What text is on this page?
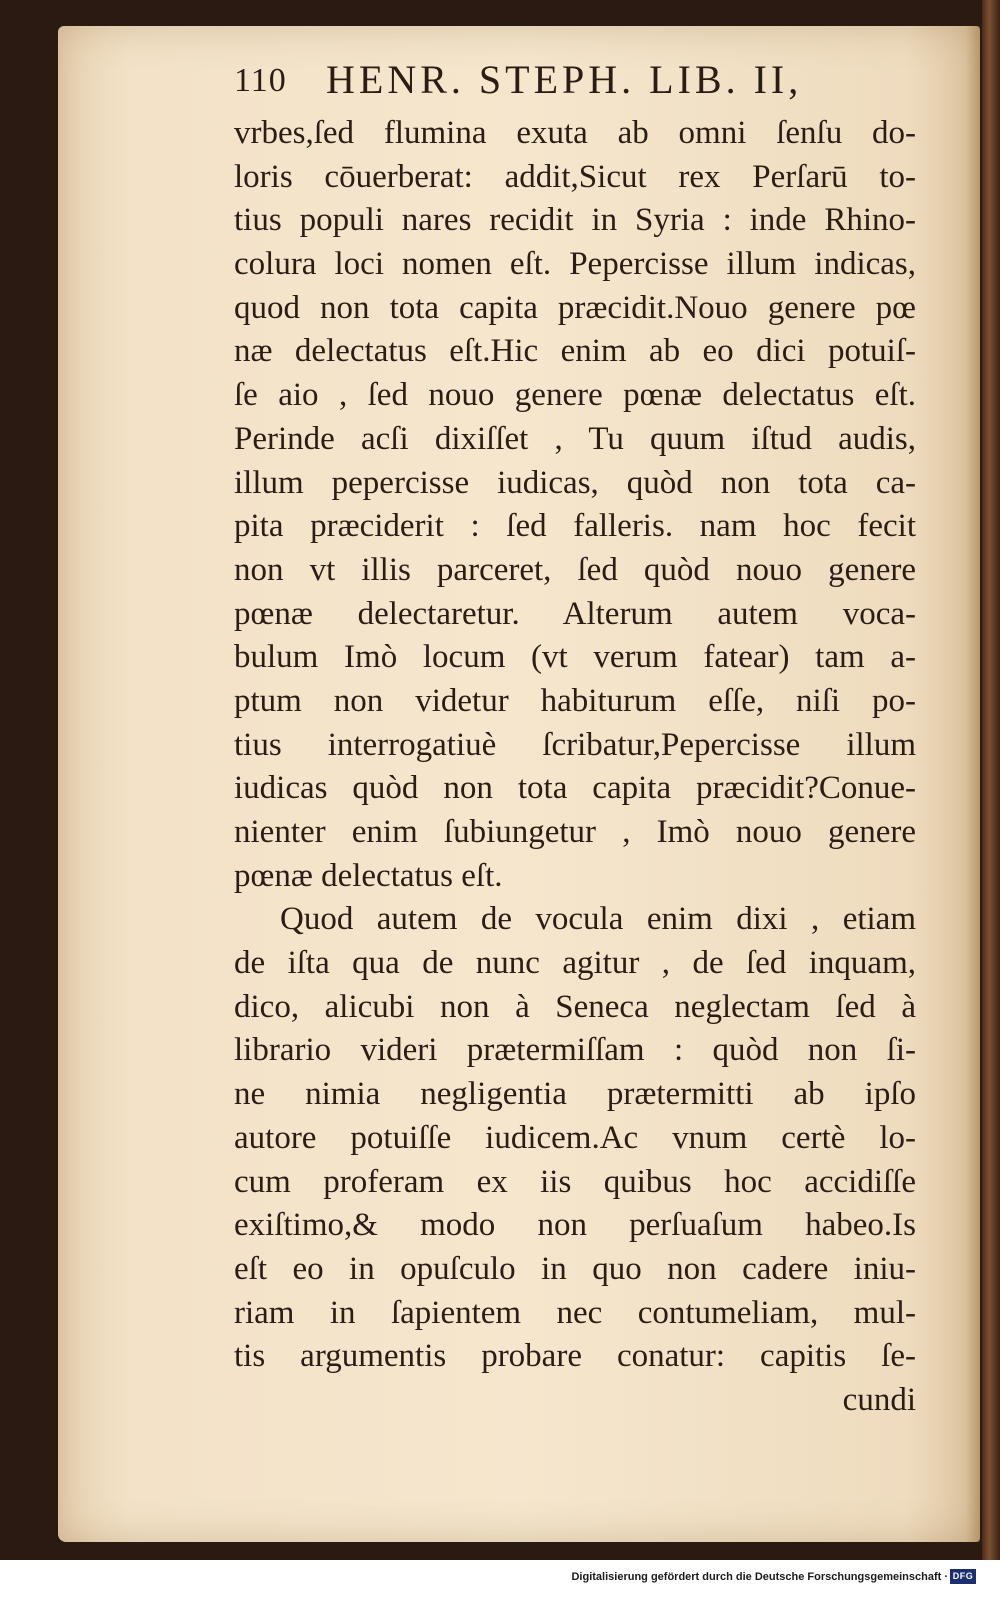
110 HENR. STEPH. LIB. II,
vrbes,ſed flumina exuta ab omni ſenſu do-
loris cōuerberat: addit,Sicut rex Perſarū to-
tius populi nares recidit in Syria : inde Rhino-
colura loci nomen eſt. Pepercisse illum indicas,
quod non tota capita præcidit.Nouo genere pœ
næ delectatus eſt.Hic enim ab eo dici potuiſ-
ſe aio , ſed nouo genere pœnæ delectatus eſt.
Perinde acſi dixiſſet , Tu quum iſtud audis,
illum pepercisse iudicas, quòd non tota ca-
pita præciderit : ſed falleris. nam hoc fecit
non vt illis parceret, ſed quòd nouo genere
pœnæ delectaretur. Alterum autem voca-
bulum Imò locum (vt verum fatear) tam a-
ptum non videtur habiturum eſſe, niſi po-
tius interrogatiuè ſcribatur,Pepercisse illum
iudicas quòd non tota capita præcidit?Conue-
nienter enim ſubiungetur , Imò nouo genere
pœnæ delectatus eſt.
Quod autem de vocula enim dixi , etiam
de iſta qua de nunc agitur , de ſed inquam,
dico, alicubi non à Seneca neglectam ſed à
librario videri prætermiſſam : quòd non ſi-
ne nimia negligentia prætermitti ab ipſo
autore potuiſſe iudicem.Ac vnum certè lo-
cum proferam ex iis quibus hoc accidiſſe
exiſtimo,& modo non perſuaſum habeo.Is
eſt eo in opuſculo in quo non cadere iniu-
riam in ſapientem nec contumeliam, mul-
tis argumentis probare conatur: capitis ſe-
cundi
Digitalisierung gefördert durch die Deutsche Forschungsgemeinschaft · DFG
